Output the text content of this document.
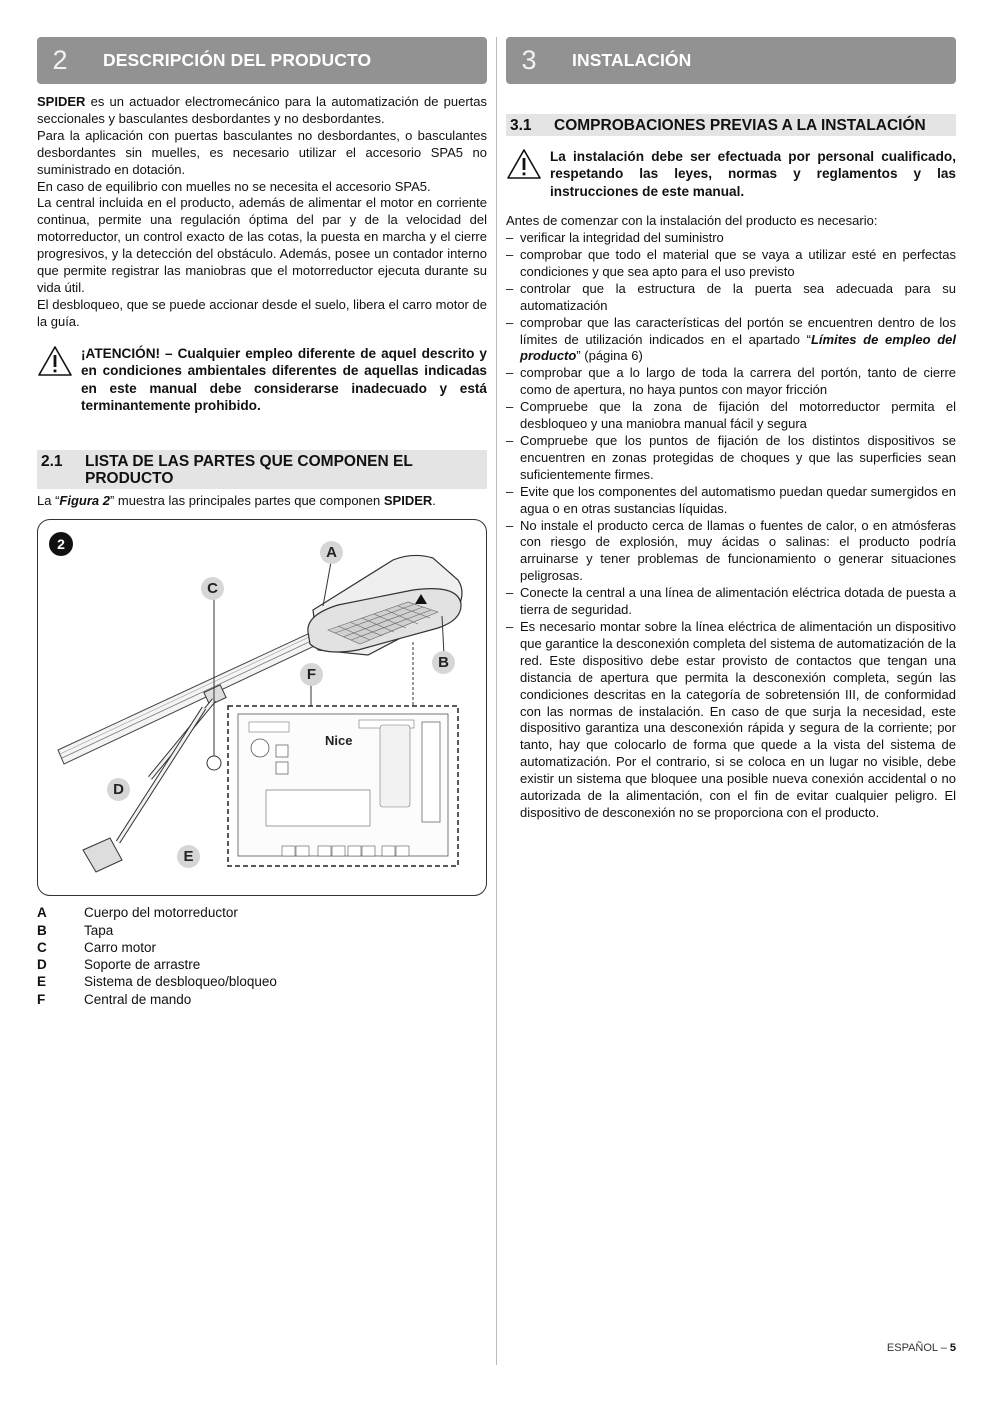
2	DESCRIPCIÓN DEL PRODUCTO

SPIDER es un actuador electromecánico para la automatización de puertas seccionales y basculantes desbordantes y no desbordantes.

Para la aplicación con puertas basculantes no desbordantes, o basculantes desbordantes sin muelles, es necesario utilizar el accesorio SPA5 no suministrado en dotación.

En caso de equilibrio con muelles no se necesita el accesorio SPA5.

La central incluida en el producto, además de alimentar el motor en corriente continua, permite una regulación óptima del par y de la velocidad del motorreductor, un control exacto de las cotas, la puesta en marcha y el cierre progresivos, y la detección del obstáculo. Además, posee un contador interno que permite registrar las maniobras que el motorreductor ejecuta durante su vida útil.

El desbloqueo, que se puede accionar desde el suelo, libera el carro motor de la guía.

¡ATENCIÓN! – Cualquier empleo diferente de aquel descrito y en condiciones ambientales diferentes de aquellas indicadas en este manual debe considerarse inadecuado y está terminantemente prohibido.
2.1	LISTA DE LAS PARTES QUE COMPONEN EL PRODUCTO

La “Figura 2” muestra las principales partes que componen SPIDER.

2
Nice
A
B
C
D
E
F
A	Cuerpo del motorreductor
B	Tapa
C	Carro motor
D	Soporte de arrastre
E	Sistema de desbloqueo/bloqueo
F	Central de mando
3	INSTALACIÓN
3.1	COMPROBACIONES PREVIAS A LA INSTALACIÓN
La instalación debe ser efectuada por personal cualificado, respetando las leyes, normas y reglamentos y las instrucciones de este manual.

Antes de comenzar con la instalación del producto es necesario:

– verificar la integridad del suministro
– comprobar que todo el material que se vaya a utilizar esté en perfectas condiciones y que sea apto para el uso previsto
– controlar que la estructura de la puerta sea adecuada para su automatización
– comprobar que las características del portón se encuentren dentro de los límites de utilización indicados en el apartado “Límites de empleo del producto” (página 6)
– comprobar que a lo largo de toda la carrera del portón, tanto de cierre como de apertura, no haya puntos con mayor fricción
– Compruebe que la zona de fijación del motorreductor permita el desbloqueo y una maniobra manual fácil y segura
– Compruebe que los puntos de fijación de los distintos dispositivos se encuentren en zonas protegidas de choques y que las superficies sean suficientemente firmes.
– Evite que los componentes del automatismo puedan quedar sumergidos en agua o en otras sustancias líquidas.
– No instale el producto cerca de llamas o fuentes de calor, o en atmósferas con riesgo de explosión, muy ácidas o salinas: el producto podría arruinarse y tener problemas de funcionamiento o generar situaciones peligrosas.
– Conecte la central a una línea de alimentación eléctrica dotada de puesta a tierra de seguridad.
– Es necesario montar sobre la línea eléctrica de alimentación un dispositivo que garantice la desconexión completa del sistema de automatización de la red. Este dispositivo debe estar provisto de contactos que tengan una distancia de apertura que permita la desconexión completa, según las condiciones descritas en la categoría de sobretensión III, de conformidad con las normas de instalación. En caso de que surja la necesidad, este dispositivo garantiza una desconexión rápida y segura de la corriente; por tanto, hay que colocarlo de forma que quede a la vista del sistema de automatización. Por el contrario, si se coloca en un lugar no visible, debe existir un sistema que bloquee una posible nueva conexión accidental o no autorizada de la alimentación, con el fin de evitar cualquier peligro. El dispositivo de desconexión no se proporciona con el producto.
ESPAÑOL – 5
